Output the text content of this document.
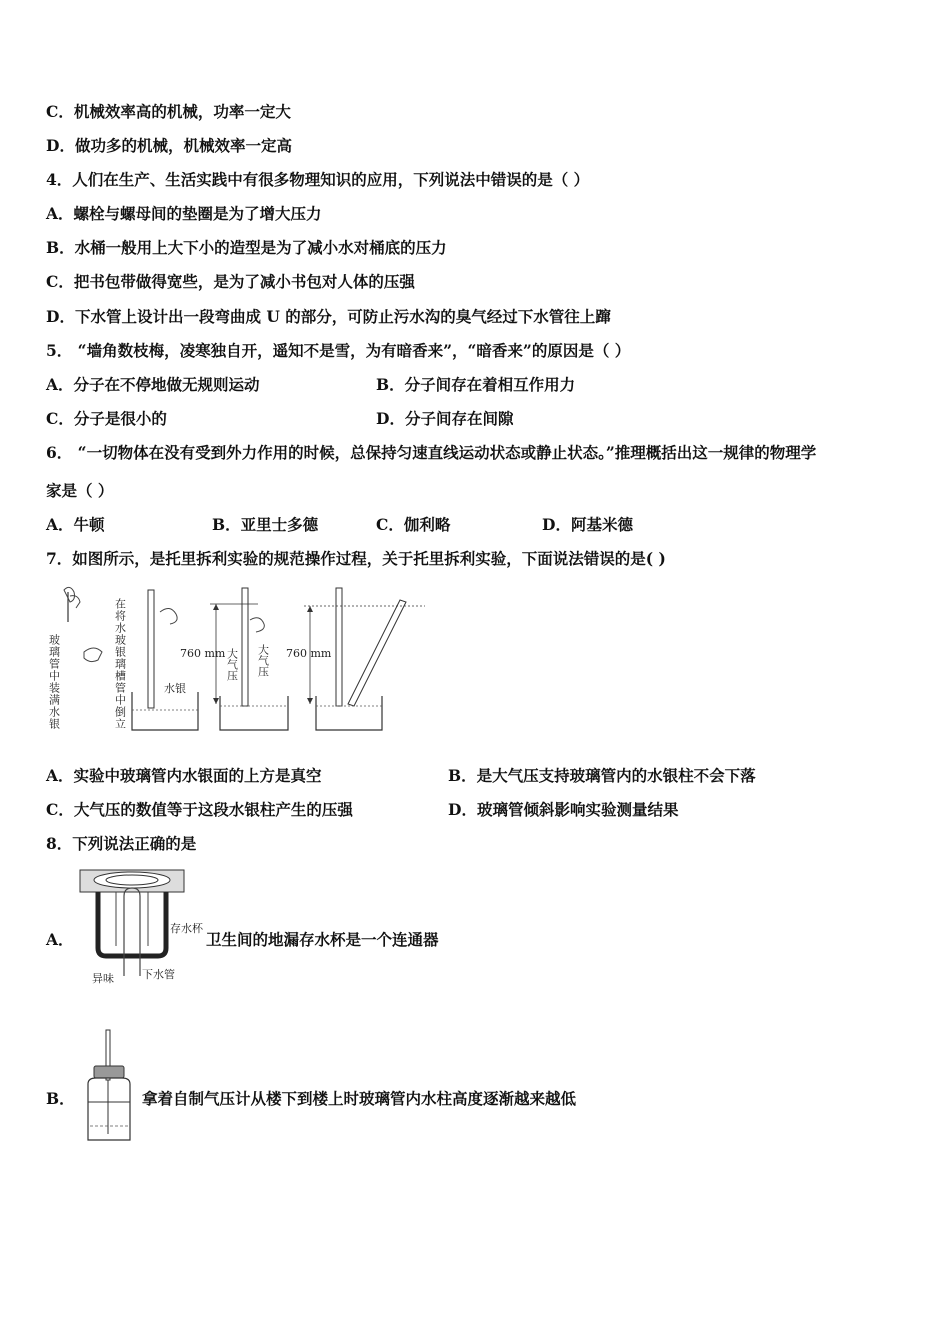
C．机械效率高的机械，功率一定大
D．做功多的机械，机械效率一定高
4．人们在生产、生活实践中有很多物理知识的应用，下列说法中错误的是（ ）
A．螺栓与螺母间的垫圈是为了增大压力
B．水桶一般用上大下小的造型是为了减小水对桶底的压力
C．把书包带做得宽些，是为了减小书包对人体的压强
D．下水管上设计出一段弯曲成 U 的部分，可防止污水沟的臭气经过下水管往上蹿
5． “墙角数枝梅，凌寒独自开，遥知不是雪，为有暗香来”，“暗香来”的原因是（ ）
A．分子在不停地做无规则运动	B．分子间存在着相互作用力
C．分子是很小的	D．分子间存在间隙
6． “一切物体在没有受到外力作用的时候，总保持匀速直线运动状态或静止状态。”推理概括出这一规律的物理学
家是（ ）
A．牛顿	B．亚里士多德	C．伽利略	D．阿基米德
7．如图所示，是托里拆利实验的规范操作过程，关于托里拆利实验，下面说法错误的是( )
玻璃管中装满水银	在将水玻银璃槽管中倒立	水银
760 mm 大气压 大气压 760 mm
A．实验中玻璃管内水银面的上方是真空	B．是大气压支持玻璃管内的水银柱不会下落
C．大气压的数值等于这段水银柱产生的压强	D．玻璃管倾斜影响实验测量结果
8．下列说法正确的是
A．
存水杯
异味	下水管
卫生间的地漏存水杯是一个连通器
B．	拿着自制气压计从楼下到楼上时玻璃管内水柱高度逐渐越来越低
